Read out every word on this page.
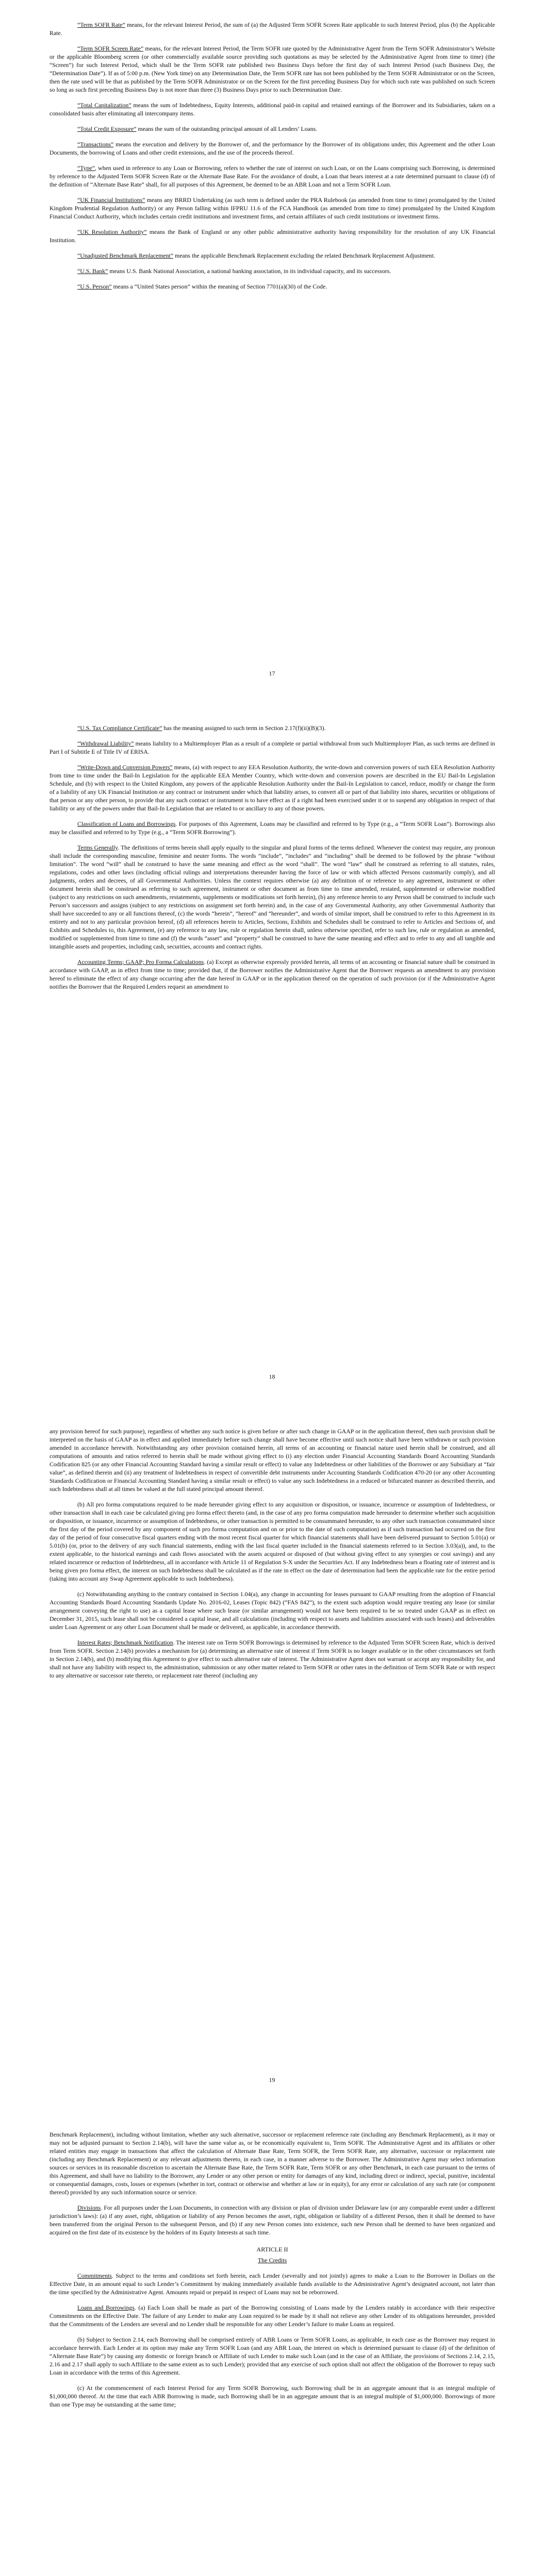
“Term SOFR Rate” means, for the relevant Interest Period, the sum of (a) the Adjusted Term SOFR Screen Rate applicable to such Interest Period, plus (b) the Applicable Rate.

“Term SOFR Screen Rate” means, for the relevant Interest Period, the Term SOFR rate quoted by the Administrative Agent from the Term SOFR Administrator’s Website or the applicable Bloomberg screen (or other commercially available source providing such quotations as may be selected by the Administrative Agent from time to time) (the “Screen”) for such Interest Period, which shall be the Term SOFR rate published two Business Days before the first day of such Interest Period (such Business Day, the “Determination Date”). If as of 5:00 p.m. (New York time) on any Determination Date, the Term SOFR rate has not been published by the Term SOFR Administrator or on the Screen, then the rate used will be that as published by the Term SOFR Administrator or on the Screen for the first preceding Business Day for which such rate was published on such Screen so long as such first preceding Business Day is not more than three (3) Business Days prior to such Determination Date.

“Total Capitalization” means the sum of Indebtedness, Equity Interests, additional paid-in capital and retained earnings of the Borrower and its Subsidiaries, taken on a consolidated basis after eliminating all intercompany items.

“Total Credit Exposure” means the sum of the outstanding principal amount of all Lenders’ Loans.

“Transactions” means the execution and delivery by the Borrower of, and the performance by the Borrower of its obligations under, this Agreement and the other Loan Documents, the borrowing of Loans and other credit extensions, and the use of the proceeds thereof.

“Type”, when used in reference to any Loan or Borrowing, refers to whether the rate of interest on such Loan, or on the Loans comprising such Borrowing, is determined by reference to the Adjusted Term SOFR Screen Rate or the Alternate Base Rate. For the avoidance of doubt, a Loan that bears interest at a rate determined pursuant to clause (d) of the definition of “Alternate Base Rate” shall, for all purposes of this Agreement, be deemed to be an ABR Loan and not a Term SOFR Loan.

“UK Financial Institutions” means any BRRD Undertaking (as such term is defined under the PRA Rulebook (as amended from time to time) promulgated by the United Kingdom Prudential Regulation Authority) or any Person falling within IFPRU 11.6 of the FCA Handbook (as amended from time to time) promulgated by the United Kingdom Financial Conduct Authority, which includes certain credit institutions and investment firms, and certain affiliates of such credit institutions or investment firms.

“UK Resolution Authority” means the Bank of England or any other public administrative authority having responsibility for the resolution of any UK Financial Institution.

“Unadjusted Benchmark Replacement” means the applicable Benchmark Replacement excluding the related Benchmark Replacement Adjustment.

“U.S. Bank” means U.S. Bank National Association, a national banking association, in its individual capacity, and its successors.

“U.S. Person” means a “United States person” within the meaning of Section 7701(a)(30) of the Code.

17

“U.S. Tax Compliance Certificate” has the meaning assigned to such term in Section 2.17(f)(ii)(B)(3).

“Withdrawal Liability” means liability to a Multiemployer Plan as a result of a complete or partial withdrawal from such Multiemployer Plan, as such terms are defined in Part I of Subtitle E of Title IV of ERISA.

“Write-Down and Conversion Powers” means, (a) with respect to any EEA Resolution Authority, the write-down and conversion powers of such EEA Resolution Authority from time to time under the Bail-In Legislation for the applicable EEA Member Country, which write-down and conversion powers are described in the EU Bail-In Legislation Schedule, and (b) with respect to the United Kingdom, any powers of the applicable Resolution Authority under the Bail-In Legislation to cancel, reduce, modify or change the form of a liability of any UK Financial Institution or any contract or instrument under which that liability arises, to convert all or part of that liability into shares, securities or obligations of that person or any other person, to provide that any such contract or instrument is to have effect as if a right had been exercised under it or to suspend any obligation in respect of that liability or any of the powers under that Bail-In Legislation that are related to or ancillary to any of those powers.

Classification of Loans and Borrowings. For purposes of this Agreement, Loans may be classified and referred to by Type (e.g., a “Term SOFR Loan”). Borrowings also may be classified and referred to by Type (e.g., a “Term SOFR Borrowing”).

Terms Generally. The definitions of terms herein shall apply equally to the singular and plural forms of the terms defined. Whenever the context may require, any pronoun shall include the corresponding masculine, feminine and neuter forms. The words “include”, “includes” and “including” shall be deemed to be followed by the phrase “without limitation”. The word “will” shall be construed to have the same meaning and effect as the word “shall”. The word “law” shall be construed as referring to all statutes, rules, regulations, codes and other laws (including official rulings and interpretations thereunder having the force of law or with which affected Persons customarily comply), and all judgments, orders and decrees, of all Governmental Authorities. Unless the context requires otherwise (a) any definition of or reference to any agreement, instrument or other document herein shall be construed as referring to such agreement, instrument or other document as from time to time amended, restated, supplemented or otherwise modified (subject to any restrictions on such amendments, restatements, supplements or modifications set forth herein), (b) any reference herein to any Person shall be construed to include such Person’s successors and assigns (subject to any restrictions on assignment set forth herein) and, in the case of any Governmental Authority, any other Governmental Authority that shall have succeeded to any or all functions thereof, (c) the words “herein”, “hereof” and “hereunder”, and words of similar import, shall be construed to refer to this Agreement in its entirety and not to any particular provision hereof, (d) all references herein to Articles, Sections, Exhibits and Schedules shall be construed to refer to Articles and Sections of, and Exhibits and Schedules to, this Agreement, (e) any reference to any law, rule or regulation herein shall, unless otherwise specified, refer to such law, rule or regulation as amended, modified or supplemented from time to time and (f) the words “asset” and “property” shall be construed to have the same meaning and effect and to refer to any and all tangible and intangible assets and properties, including cash, securities, accounts and contract rights.

Accounting Terms; GAAP; Pro Forma Calculations. (a) Except as otherwise expressly provided herein, all terms of an accounting or financial nature shall be construed in accordance with GAAP, as in effect from time to time; provided that, if the Borrower notifies the Administrative Agent that the Borrower requests an amendment to any provision hereof to eliminate the effect of any change occurring after the date hereof in GAAP or in the application thereof on the operation of such provision (or if the Administrative Agent notifies the Borrower that the Required Lenders request an amendment to

18

any provision hereof for such purpose), regardless of whether any such notice is given before or after such change in GAAP or in the application thereof, then such provision shall be interpreted on the basis of GAAP as in effect and applied immediately before such change shall have become effective until such notice shall have been withdrawn or such provision amended in accordance herewith. Notwithstanding any other provision contained herein, all terms of an accounting or financial nature used herein shall be construed, and all computations of amounts and ratios referred to herein shall be made without giving effect to (i) any election under Financial Accounting Standards Board Accounting Standards Codification 825 (or any other Financial Accounting Standard having a similar result or effect) to value any Indebtedness or other liabilities of the Borrower or any Subsidiary at “fair value”, as defined therein and (ii) any treatment of Indebtedness in respect of convertible debt instruments under Accounting Standards Codification 470-20 (or any other Accounting Standards Codification or Financial Accounting Standard having a similar result or effect) to value any such Indebtedness in a reduced or bifurcated manner as described therein, and such Indebtedness shall at all times be valued at the full stated principal amount thereof.

(b) All pro forma computations required to be made hereunder giving effect to any acquisition or disposition, or issuance, incurrence or assumption of Indebtedness, or other transaction shall in each case be calculated giving pro forma effect thereto (and, in the case of any pro forma computation made hereunder to determine whether such acquisition or disposition, or issuance, incurrence or assumption of Indebtedness, or other transaction is permitted to be consummated hereunder, to any other such transaction consummated since the first day of the period covered by any component of such pro forma computation and on or prior to the date of such computation) as if such transaction had occurred on the first day of the period of four consecutive fiscal quarters ending with the most recent fiscal quarter for which financial statements shall have been delivered pursuant to Section 5.01(a) or 5.01(b) (or, prior to the delivery of any such financial statements, ending with the last fiscal quarter included in the financial statements referred to in Section 3.03(a)), and, to the extent applicable, to the historical earnings and cash flows associated with the assets acquired or disposed of (but without giving effect to any synergies or cost savings) and any related incurrence or reduction of Indebtedness, all in accordance with Article 11 of Regulation S-X under the Securities Act. If any Indebtedness bears a floating rate of interest and is being given pro forma effect, the interest on such Indebtedness shall be calculated as if the rate in effect on the date of determination had been the applicable rate for the entire period (taking into account any Swap Agreement applicable to such Indebtedness).

(c) Notwithstanding anything to the contrary contained in Section 1.04(a), any change in accounting for leases pursuant to GAAP resulting from the adoption of Financial Accounting Standards Board Accounting Standards Update No. 2016-02, Leases (Topic 842) (“FAS 842”), to the extent such adoption would require treating any lease (or similar arrangement conveying the right to use) as a capital lease where such lease (or similar arrangement) would not have been required to be so treated under GAAP as in effect on December 31, 2015, such lease shall not be considered a capital lease, and all calculations (including with respect to assets and liabilities associated with such leases) and deliverables under Loan Agreement or any other Loan Document shall be made or delivered, as applicable, in accordance therewith.

Interest Rates; Benchmark Notification. The interest rate on Term SOFR Borrowings is determined by reference to the Adjusted Term SOFR Screen Rate, which is derived from Term SOFR. Section 2.14(b) provides a mechanism for (a) determining an alternative rate of interest if Term SOFR is no longer available or in the other circumstances set forth in Section 2.14(b), and (b) modifying this Agreement to give effect to such alternative rate of interest. The Administrative Agent does not warrant or accept any responsibility for, and shall not have any liability with respect to, the administration, submission or any other matter related to Term SOFR or other rates in the definition of Term SOFR Rate or with respect to any alternative or successor rate thereto, or replacement rate thereof (including any

19

Benchmark Replacement), including without limitation, whether any such alternative, successor or replacement reference rate (including any Benchmark Replacement), as it may or may not be adjusted pursuant to Section 2.14(b), will have the same value as, or be economically equivalent to, Term SOFR. The Administrative Agent and its affiliates or other related entities may engage in transactions that affect the calculation of Alternate Base Rate, Term SOFR, the Term SOFR Rate, any alternative, successor or replacement rate (including any Benchmark Replacement) or any relevant adjustments thereto, in each case, in a manner adverse to the Borrower. The Administrative Agent may select information sources or services in its reasonable discretion to ascertain the Alternate Base Rate, the Term SOFR Rate, Term SOFR or any other Benchmark, in each case pursuant to the terms of this Agreement, and shall have no liability to the Borrower, any Lender or any other person or entity for damages of any kind, including direct or indirect, special, punitive, incidental or consequential damages, costs, losses or expenses (whether in tort, contract or otherwise and whether at law or in equity), for any error or calculation of any such rate (or component thereof) provided by any such information source or service.

Divisions. For all purposes under the Loan Documents, in connection with any division or plan of division under Delaware law (or any comparable event under a different jurisdiction’s laws): (a) if any asset, right, obligation or liability of any Person becomes the asset, right, obligation or liability of a different Person, then it shall be deemed to have been transferred from the original Person to the subsequent Person, and (b) if any new Person comes into existence, such new Person shall be deemed to have been organized and acquired on the first date of its existence by the holders of its Equity Interests at such time.

ARTICLE II

The Credits

Commitments. Subject to the terms and conditions set forth herein, each Lender (severally and not jointly) agrees to make a Loan to the Borrower in Dollars on the Effective Date, in an amount equal to such Lender’s Commitment by making immediately available funds available to the Administrative Agent’s designated account, not later than the time specified by the Administrative Agent. Amounts repaid or prepaid in respect of Loans may not be reborrowed.

Loans and Borrowings. (a) Each Loan shall be made as part of the Borrowing consisting of Loans made by the Lenders ratably in accordance with their respective Commitments on the Effective Date. The failure of any Lender to make any Loan required to be made by it shall not relieve any other Lender of its obligations hereunder, provided that the Commitments of the Lenders are several and no Lender shall be responsible for any other Lender’s failure to make Loans as required.

(b) Subject to Section 2.14, each Borrowing shall be comprised entirely of ABR Loans or Term SOFR Loans, as applicable, in each case as the Borrower may request in accordance herewith. Each Lender at its option may make any Term SOFR Loan (and any ABR Loan, the interest on which is determined pursuant to clause (d) of the definition of “Alternate Base Rate”) by causing any domestic or foreign branch or Affiliate of such Lender to make such Loan (and in the case of an Affiliate, the provisions of Sections 2.14, 2.15, 2.16 and 2.17 shall apply to such Affiliate to the same extent as to such Lender); provided that any exercise of such option shall not affect the obligation of the Borrower to repay such Loan in accordance with the terms of this Agreement.

(c) At the commencement of each Interest Period for any Term SOFR Borrowing, such Borrowing shall be in an aggregate amount that is an integral multiple of $1,000,000 thereof. At the time that each ABR Borrowing is made, such Borrowing shall be in an aggregate amount that is an integral multiple of $1,000,000. Borrowings of more than one Type may be outstanding at the same time;
